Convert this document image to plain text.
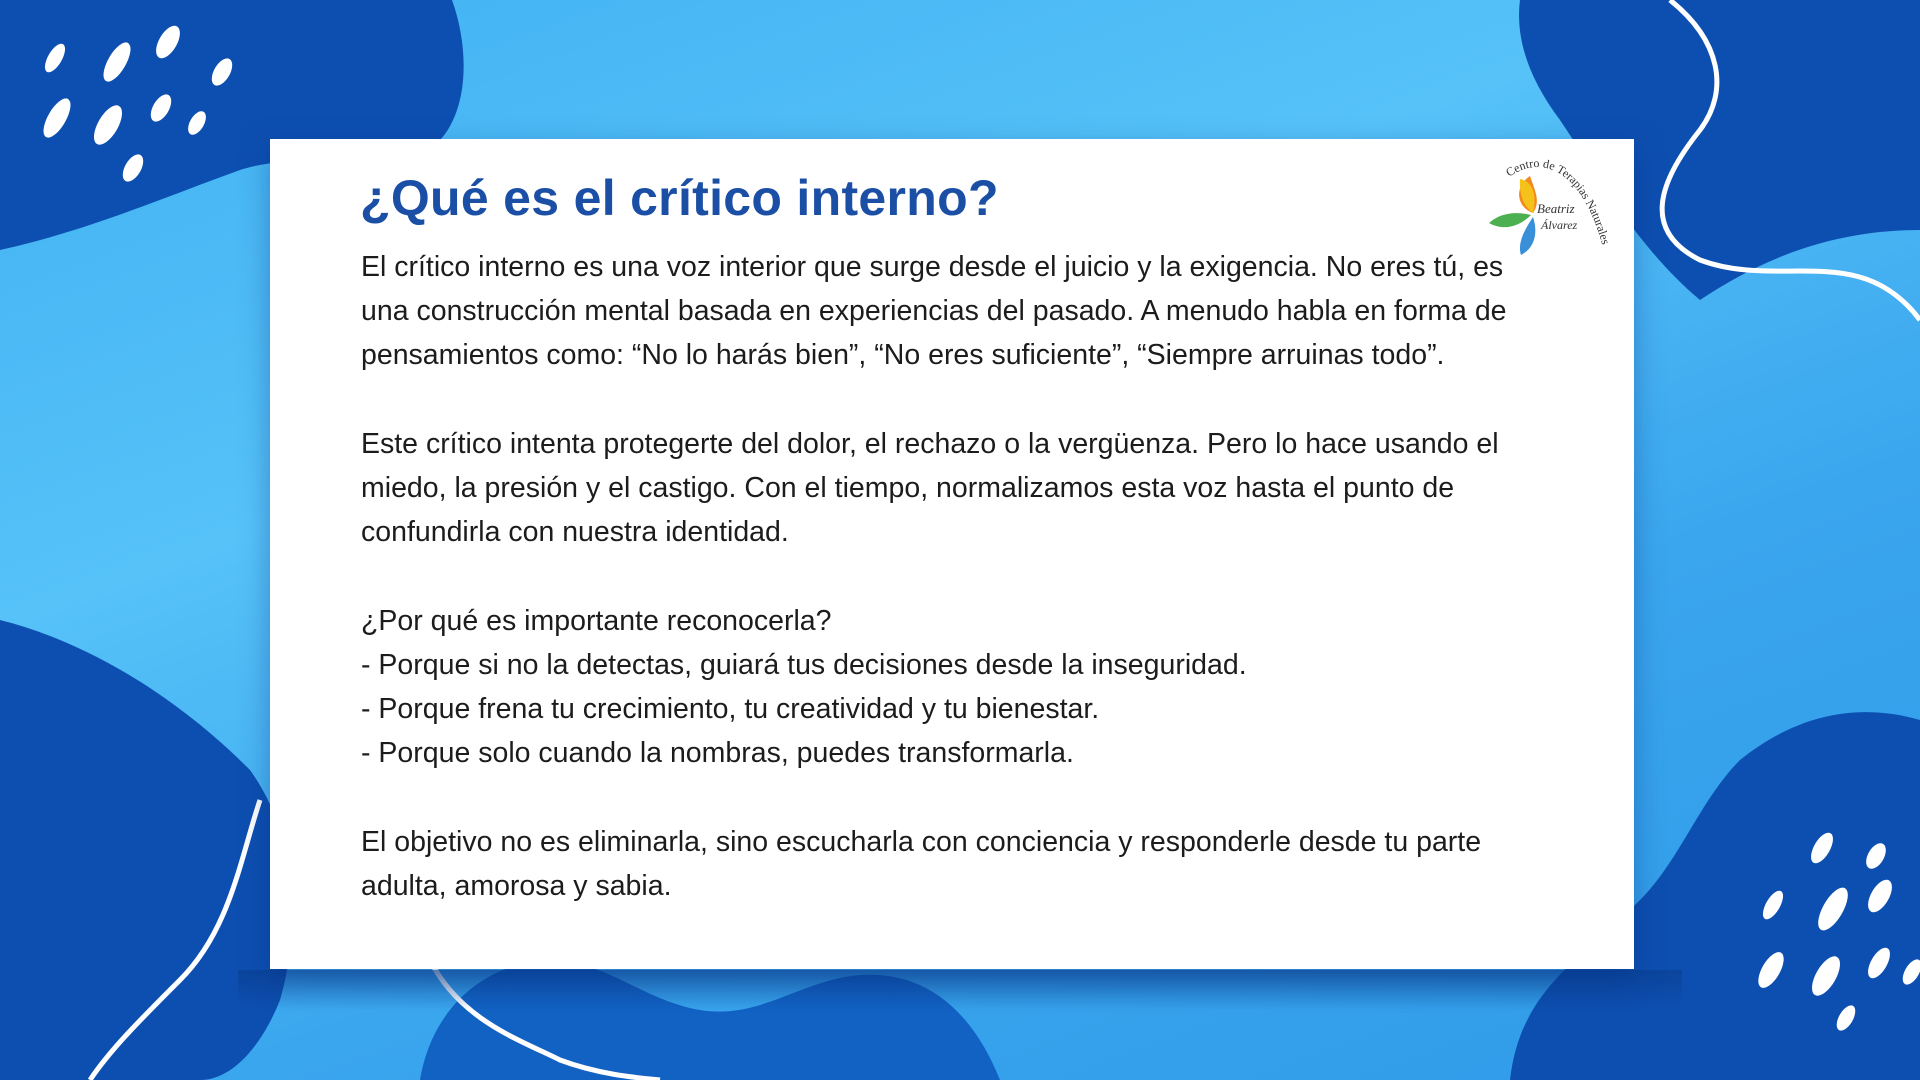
¿Qué es el crítico interno?	Centro de Terapias Naturales
Beatriz
Álvarez

El crítico interno es una voz interior que surge desde el juicio y la exigencia. No eres tú, es una construcción mental basada en experiencias del pasado. A menudo habla en forma de pensamientos como: “No lo harás bien”, “No eres suficiente”, “Siempre arruinas todo”.

Este crítico intenta protegerte del dolor, el rechazo o la vergüenza. Pero lo hace usando el miedo, la presión y el castigo. Con el tiempo, normalizamos esta voz hasta el punto de confundirla con nuestra identidad.

¿Por qué es importante reconocerla?

- Porque si no la detectas, guiará tus decisiones desde la inseguridad.

- Porque frena tu crecimiento, tu creatividad y tu bienestar.

- Porque solo cuando la nombras, puedes transformarla.

El objetivo no es eliminarla, sino escucharla con conciencia y responderle desde tu parte adulta, amorosa y sabia.
